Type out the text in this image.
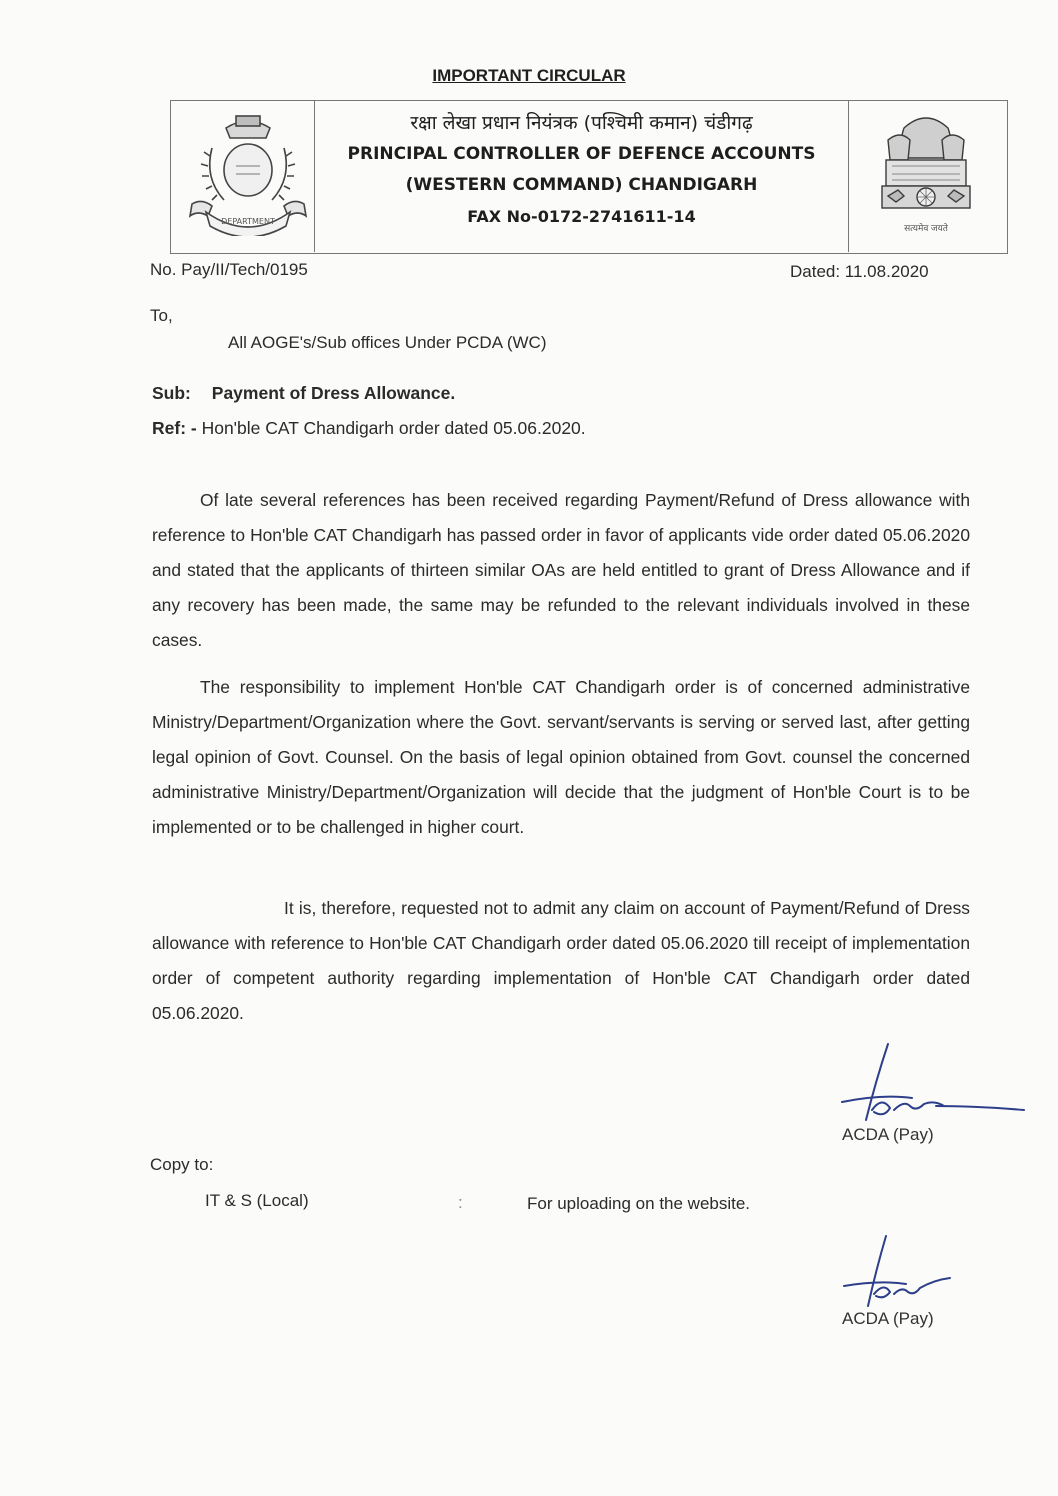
IMPORTANT CIRCULAR
DEPARTMENT
रक्षा लेखा प्रधान नियंत्रक (पश्चिमी कमान) चंडीगढ़
PRINCIPAL CONTROLLER OF DEFENCE ACCOUNTS
(WESTERN COMMAND) CHANDIGARH
FAX No-0172-2741611-14
सत्यमेव जयते
No. Pay/II/Tech/0195	Dated: 11.08.2020
To,
All AOGE's/Sub offices Under PCDA (WC)
Sub: Payment of Dress Allowance.
Ref: - Hon'ble CAT Chandigarh order dated 05.06.2020.

Of late several references has been received regarding Payment/Refund of Dress allowance with reference to Hon'ble CAT Chandigarh has passed order in favor of applicants vide order dated 05.06.2020 and stated that the applicants of thirteen similar OAs are held entitled to grant of Dress Allowance and if any recovery has been made, the same may be refunded to the relevant individuals involved in these cases.

The responsibility to implement Hon'ble CAT Chandigarh order is of concerned administrative Ministry/Department/Organization where the Govt. servant/servants is serving or served last, after getting legal opinion of Govt. Counsel. On the basis of legal opinion obtained from Govt. counsel the concerned administrative Ministry/Department/Organization will decide that the judgment of Hon'ble Court is to be implemented or to be challenged in higher court.

It is, therefore, requested not to admit any claim on account of Payment/Refund of Dress allowance with reference to Hon'ble CAT Chandigarh order dated 05.06.2020 till receipt of implementation order of competent authority regarding implementation of Hon'ble CAT Chandigarh order dated 05.06.2020.

ACDA (Pay)
Copy to:
IT & S (Local)	:	For uploading on the website.
ACDA (Pay)
